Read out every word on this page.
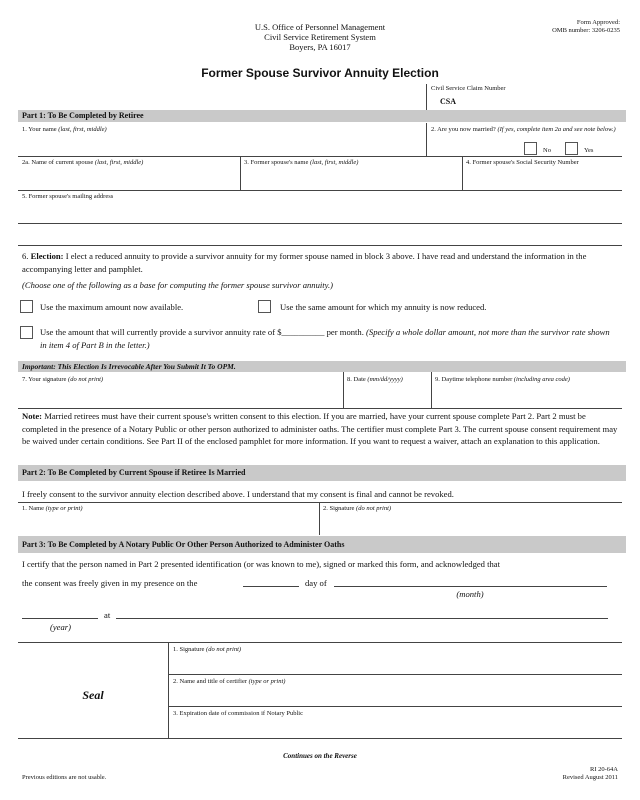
U.S. Office of Personnel Management
Civil Service Retirement System
Boyers, PA 16017
Form Approved:
OMB number: 3206-0235
Former Spouse Survivor Annuity Election
Civil Service Claim Number
CSA
Part 1: To Be Completed by Retiree
1. Your name (last, first, middle)	2. Are you now married? (If yes, complete item 2a and see note below.)
No	Yes
2a. Name of current spouse (last, first, middle)	3. Former spouse's name (last, first, middle)	4. Former spouse's Social Security Number
5. Former spouse's mailing address
6. Election: I elect a reduced annuity to provide a survivor annuity for my former spouse named in block 3 above. I have read and understand the information in the accompanying letter and pamphlet.
(Choose one of the following as a base for computing the former spouse survivor annuity.)
Use the maximum amount now available.	Use the same amount for which my annuity is now reduced.
Use the amount that will currently provide a survivor annuity rate of $__________ per month. (Specify a whole dollar amount, not more than the survivor rate shown in item 4 of Part B in the letter.)
Important: This Election Is Irrevocable After You Submit It To OPM.
7. Your signature (do not print)	8. Date (mm/dd/yyyy)	9. Daytime telephone number (including area code)
Note: Married retirees must have their current spouse's written consent to this election. If you are married, have your current spouse complete Part 2. Part 2 must be completed in the presence of a Notary Public or other person authorized to administer oaths. The certifier must complete Part 3. The current spouse consent requirement may be waived under certain conditions. See Part II of the enclosed pamphlet for more information. If you want to request a waiver, attach an explanation to this application.
Part 2: To Be Completed by Current Spouse if Retiree Is Married
I freely consent to the survivor annuity election described above. I understand that my consent is final and cannot be revoked.
1. Name (type or print)	2. Signature (do not print)
Part 3: To Be Completed by A Notary Public Or Other Person Authorized to Administer Oaths
I certify that the person named in Part 2 presented identification (or was known to me), signed or marked this form, and acknowledged that
the consent was freely given in my presence on the	day of
(month)
at
(year)
Seal
1. Signature (do not print)
2. Name and title of certifier (type or print)
3. Expiration date of commission if Notary Public
Continues on the Reverse
Previous editions are not usable.
RI 20-64A
Revised August 2011
